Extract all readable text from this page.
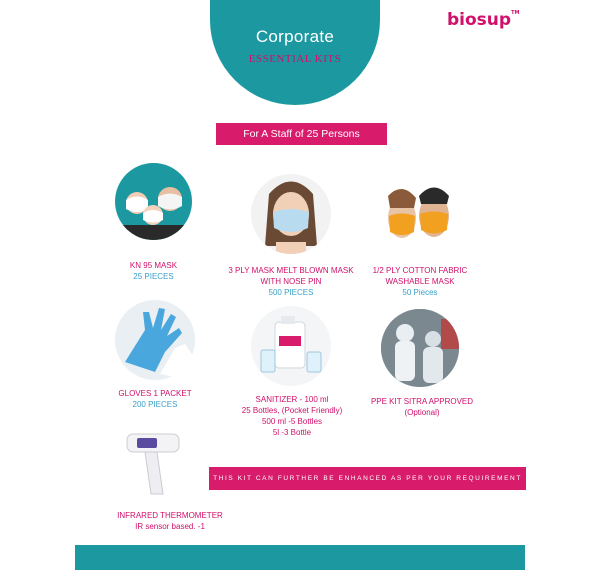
Corporate
ESSENTIAL KITS
biosup™
For A Staff of 25 Persons
KN 95 MASK
25 PIECES
3 PLY MASK MELT BLOWN MASK
WITH NOSE PIN
500 PIECES
1/2 PLY COTTON FABRIC
WASHABLE MASK
50 Pieces
GLOVES 1 PACKET
200 PIECES
SANITIZER - 100 ml
25 Bottles, (Pocket Friendly)
500 ml -5 Bottles
5l -3 Bottle
PPE KIT SITRA APPROVED
(Optional)
INFRARED THERMOMETER
IR sensor based. -1
THIS KIT CAN FURTHER BE ENHANCED AS PER YOUR REQUIREMENT
